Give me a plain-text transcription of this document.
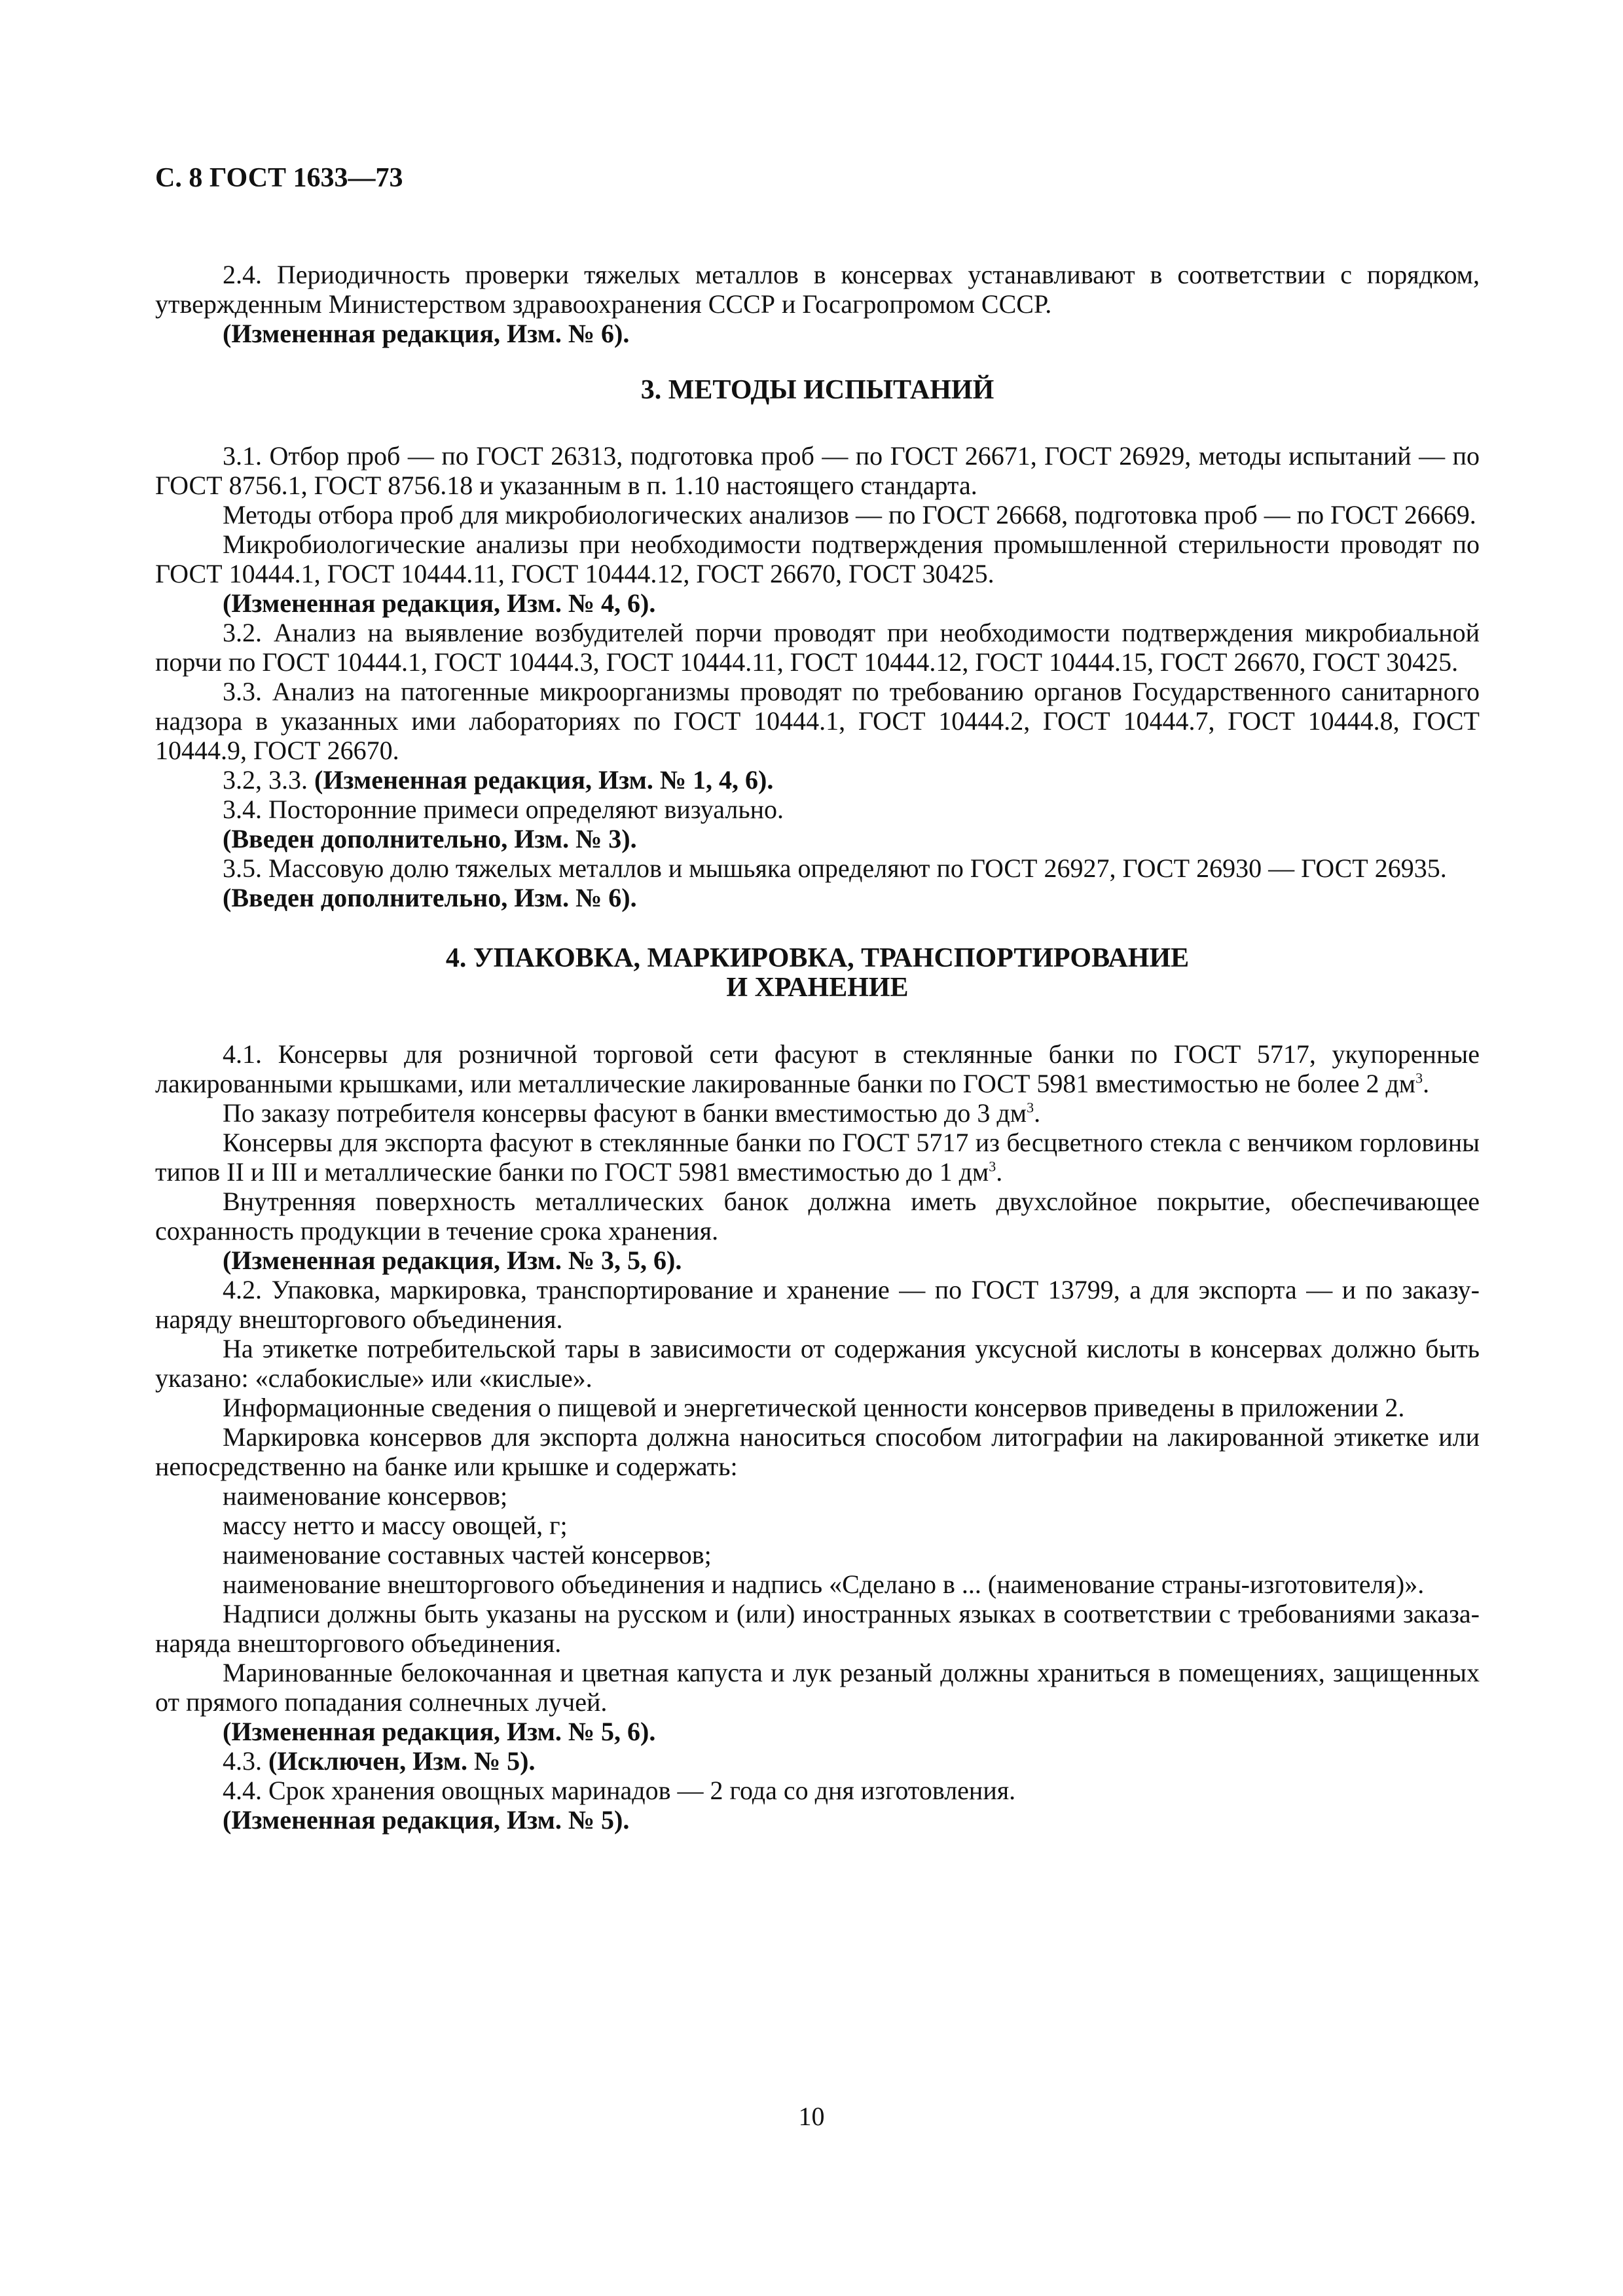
С. 8 ГОСТ 1633—73

2.4. Периодичность проверки тяжелых металлов в консервах устанавливают в соответствии с порядком, утвержденным Министерством здравоохранения СССР и Госагропромом СССР.

(Измененная редакция, Изм. № 6).

3. МЕТОДЫ ИСПЫТАНИЙ

3.1. Отбор проб — по ГОСТ 26313, подготовка проб — по ГОСТ 26671, ГОСТ 26929, методы испытаний — по ГОСТ 8756.1, ГОСТ 8756.18 и указанным в п. 1.10 настоящего стандарта.

Методы отбора проб для микробиологических анализов — по ГОСТ 26668, подготовка проб — по ГОСТ 26669.

Микробиологические анализы при необходимости подтверждения промышленной стерильности проводят по ГОСТ 10444.1, ГОСТ 10444.11, ГОСТ 10444.12, ГОСТ 26670, ГОСТ 30425.

(Измененная редакция, Изм. № 4, 6).

3.2. Анализ на выявление возбудителей порчи проводят при необходимости подтверждения микробиальной порчи по ГОСТ 10444.1, ГОСТ 10444.3, ГОСТ 10444.11, ГОСТ 10444.12, ГОСТ 10444.15, ГОСТ 26670, ГОСТ 30425.

3.3. Анализ на патогенные микроорганизмы проводят по требованию органов Государственного санитарного надзора в указанных ими лабораториях по ГОСТ 10444.1, ГОСТ 10444.2, ГОСТ 10444.7, ГОСТ 10444.8, ГОСТ 10444.9, ГОСТ 26670.

3.2, 3.3. (Измененная редакция, Изм. № 1, 4, 6).

3.4. Посторонние примеси определяют визуально.

(Введен дополнительно, Изм. № 3).

3.5. Массовую долю тяжелых металлов и мышьяка определяют по ГОСТ 26927, ГОСТ 26930 — ГОСТ 26935.

(Введен дополнительно, Изм. № 6).

4. УПАКОВКА, МАРКИРОВКА, ТРАНСПОРТИРОВАНИЕ
И ХРАНЕНИЕ

4.1. Консервы для розничной торговой сети фасуют в стеклянные банки по ГОСТ 5717, укупоренные лакированными крышками, или металлические лакированные банки по ГОСТ 5981 вместимостью не более 2 $дм^3$.

По заказу потребителя консервы фасуют в банки вместимостью до 3 $дм^3$.

Консервы для экспорта фасуют в стеклянные банки по ГОСТ 5717 из бесцветного стекла с венчиком горловины типов II и III и металлические банки по ГОСТ 5981 вместимостью до 1 $дм^3$.

Внутренняя поверхность металлических банок должна иметь двухслойное покрытие, обеспечивающее сохранность продукции в течение срока хранения.

(Измененная редакция, Изм. № 3, 5, 6).

4.2. Упаковка, маркировка, транспортирование и хранение — по ГОСТ 13799, а для экспорта — и по заказу-наряду внешторгового объединения.

На этикетке потребительской тары в зависимости от содержания уксусной кислоты в консервах должно быть указано: «слабокислые» или «кислые».

Информационные сведения о пищевой и энергетической ценности консервов приведены в приложении 2.

Маркировка консервов для экспорта должна наноситься способом литографии на лакированной этикетке или непосредственно на банке или крышке и содержать:

наименование консервов;

массу нетто и массу овощей, г;

наименование составных частей консервов;

наименование внешторгового объединения и надпись «Сделано в ... (наименование страны-изготовителя)».

Надписи должны быть указаны на русском и (или) иностранных языках в соответствии с требованиями заказа-наряда внешторгового объединения.

Маринованные белокочанная и цветная капуста и лук резаный должны храниться в помещениях, защищенных от прямого попадания солнечных лучей.

(Измененная редакция, Изм. № 5, 6).

4.3. (Исключен, Изм. № 5).

4.4. Срок хранения овощных маринадов — 2 года со дня изготовления.

(Измененная редакция, Изм. № 5).

10
